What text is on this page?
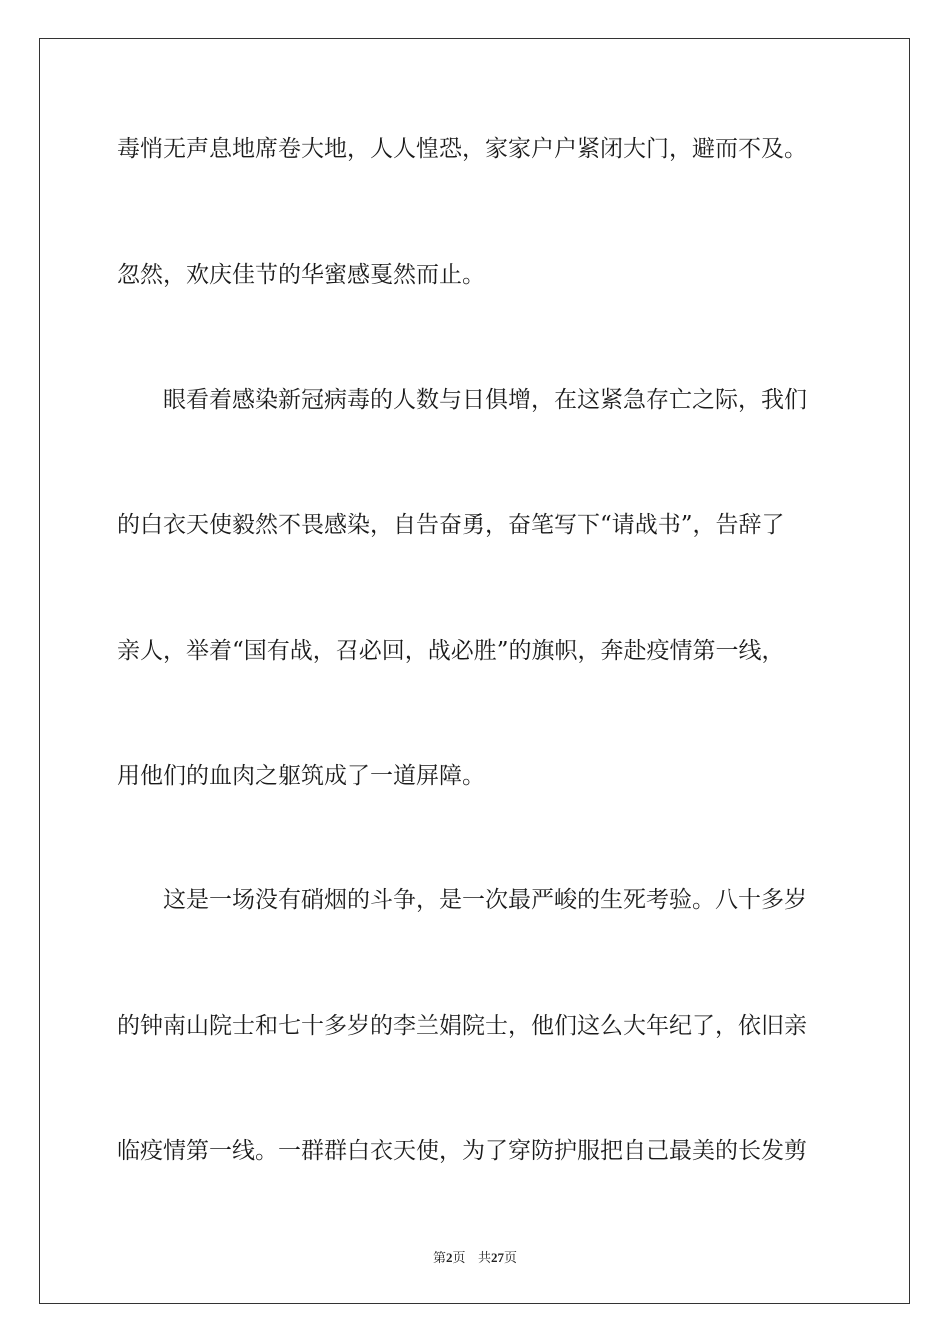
毒悄无声息地席卷大地，人人惶恐，家家户户紧闭大门，避而不及。
忽然，欢庆佳节的华蜜感戛然而止。
　　眼看着感染新冠病毒的人数与日俱增，在这紧急存亡之际，我们
的白衣天使毅然不畏感染，自告奋勇，奋笔写下“请战书”，告辞了
亲人，举着“国有战，召必回，战必胜”的旗帜，奔赴疫情第一线，
用他们的血肉之躯筑成了一道屏障。
　　这是一场没有硝烟的斗争，是一次最严峻的生死考验。八十多岁
的钟南山院士和七十多岁的李兰娟院士，他们这么大年纪了，依旧亲
临疫情第一线。一群群白衣天使，为了穿防护服把自己最美的长发剪
第2页 共27页
